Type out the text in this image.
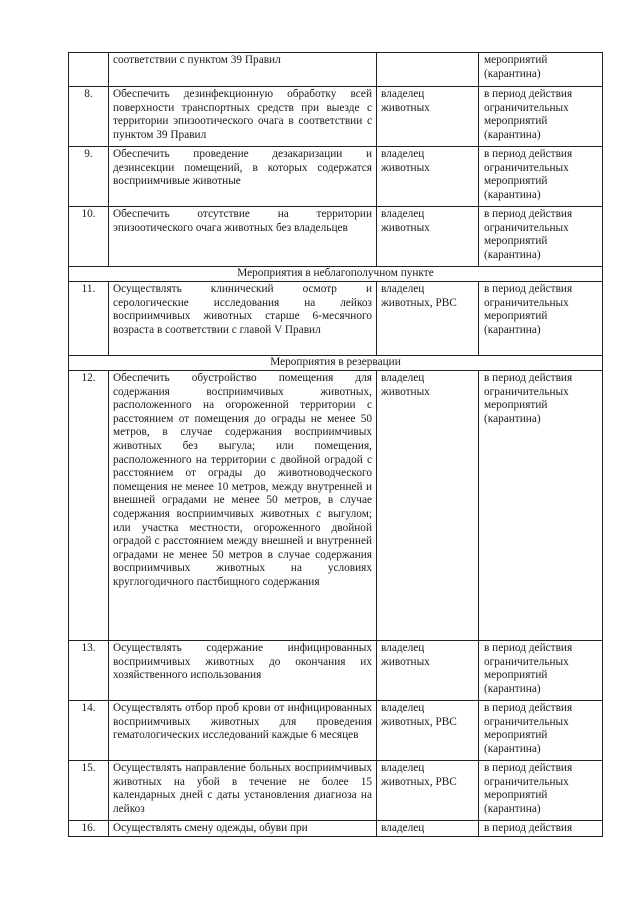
	соответствии с пунктом 39 Правил		мероприятий (карантина)
8.	Обеспечить дезинфекционную обработку всей поверхности транспортных средств при выезде с территории эпизоотического очага в соответствии с пунктом 39 Правил	владелец животных	в период действия ограничительных мероприятий (карантина)
9.	Обеспечить проведение дезакаризации и дезинсекции помещений, в которых содержатся восприимчивые животные	владелец животных	в период действия ограничительных мероприятий (карантина)
10.	Обеспечить отсутствие на территории эпизоотического очага животных без владельцев	владелец животных	в период действия ограничительных мероприятий (карантина)
Мероприятия в неблагополучном пункте			
11.	Осуществлять клинический осмотр и серологические исследования на лейкоз восприимчивых животных старше 6-месячного возраста в соответствии с главой V Правил	владелец животных, РВС	в период действия ограничительных мероприятий (карантина)
Мероприятия в резервации			
12.	Обеспечить обустройство помещения для содержания восприимчивых животных, расположенного на огороженной территории с расстоянием от помещения до ограды не менее 50 метров, в случае содержания восприимчивых животных без выгула; или помещения, расположенного на территории с двойной оградой с расстоянием от ограды до животноводческого помещения не менее 10 метров, между внутренней и внешней оградами не менее 50 метров, в случае содержания восприимчивых животных с выгулом; или участка местности, огороженного двойной оградой с расстоянием между внешней и внутренней оградами не менее 50 метров в случае содержания восприимчивых животных на условиях круглогодичного пастбищного содержания	владелец животных	в период действия ограничительных мероприятий (карантина)
13.	Осуществлять содержание инфицированных восприимчивых животных до окончания их хозяйственного использования	владелец животных	в период действия ограничительных мероприятий (карантина)
14.	Осуществлять отбор проб крови от инфицированных восприимчивых животных для проведения гематологических исследований каждые 6 месяцев	владелец животных, РВС	в период действия ограничительных мероприятий (карантина)
15.	Осуществлять направление больных восприимчивых животных на убой в течение не более 15 календарных дней с даты установления диагноза на лейкоз	владелец животных, РВС	в период действия ограничительных мероприятий (карантина)
16.	Осуществлять смену одежды, обуви при	владелец	в период действия
